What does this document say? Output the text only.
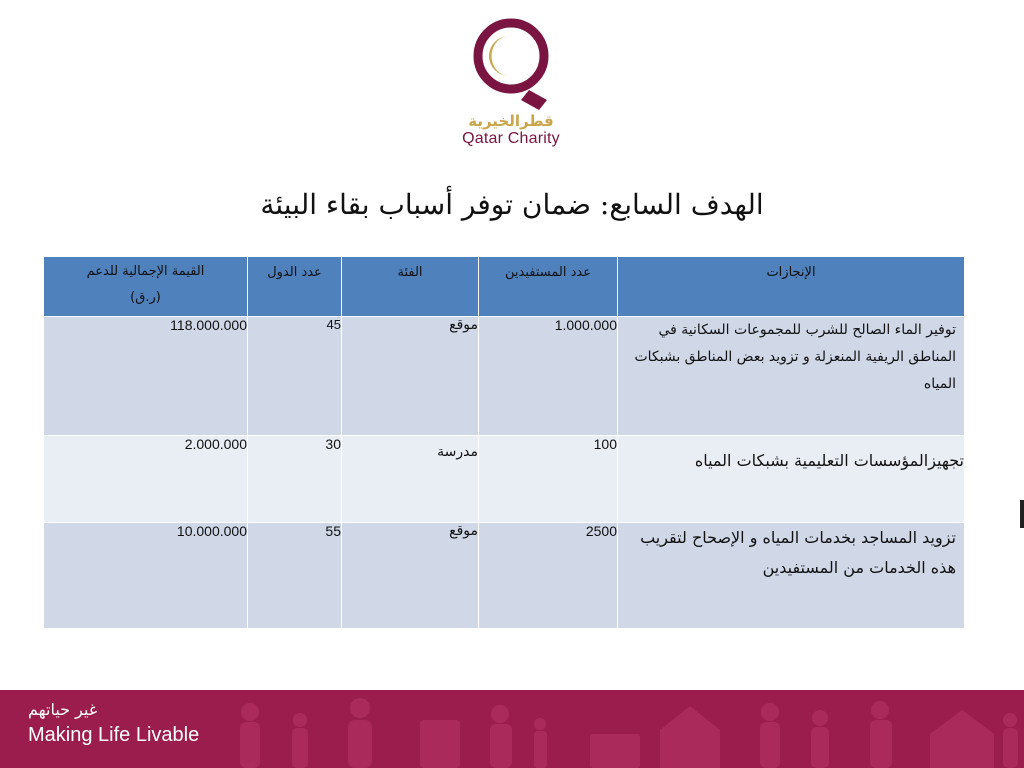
قطرالخيرية
Qatar Charity
الهدف السابع: ضمان توفر أسباب بقاء البيئة
الإنجازات	عدد المستفيدين	الفئة	عدد الدول	القيمة الإجمالية للدعم (ر.ق)
توفير الماء الصالح للشرب للمجموعات السكانية في المناطق الريفية المنعزلة و تزويد بعض المناطق بشبكات المياه	1.000.000	موقع	45	118.000.000
تجهيزالمؤسسات التعليمية بشبكات المياه	100	مدرسة	30	2.000.000
تزويد المساجد بخدمات المياه و الإصحاح لتقريب هذه الخدمات من المستفيدين	2500	موقع	55	10.000.000
غير حياتهم
Making Life Livable
